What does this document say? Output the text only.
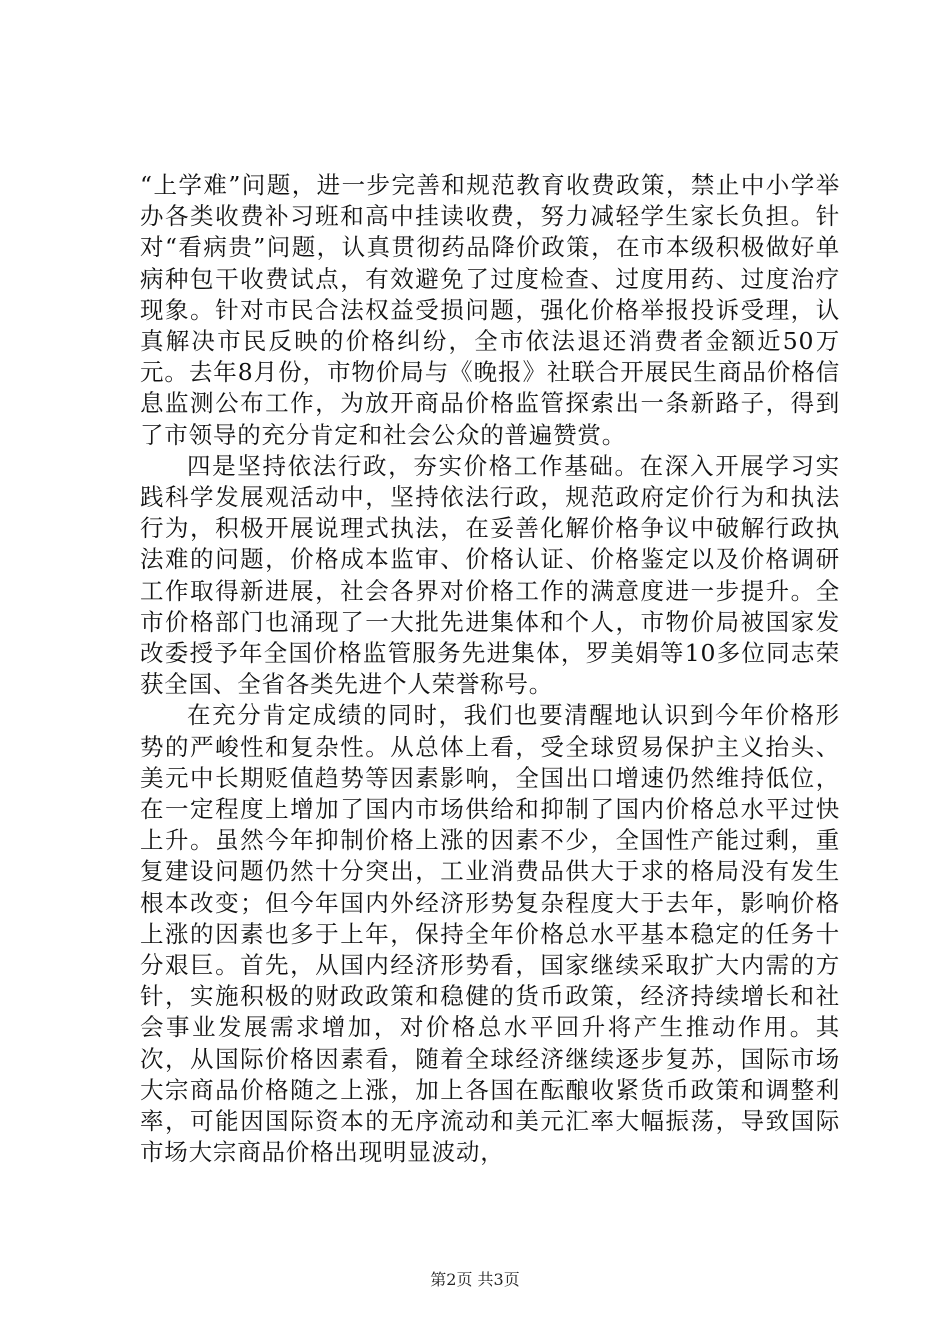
“上学难”问题，进一步完善和规范教育收费政策，禁止中小学举办各类收费补习班和高中挂读收费，努力减轻学生家长负担。针对“看病贵”问题，认真贯彻药品降价政策，在市本级积极做好单病种包干收费试点，有效避免了过度检查、过度用药、过度治疗现象。针对市民合法权益受损问题，强化价格举报投诉受理，认真解决市民反映的价格纠纷，全市依法退还消费者金额近50万元。去年8月份，市物价局与《晚报》社联合开展民生商品价格信息监测公布工作，为放开商品价格监管探索出一条新路子，得到了市领导的充分肯定和社会公众的普遍赞赏。

四是坚持依法行政，夯实价格工作基础。在深入开展学习实践科学发展观活动中，坚持依法行政，规范政府定价行为和执法行为，积极开展说理式执法，在妥善化解价格争议中破解行政执法难的问题，价格成本监审、价格认证、价格鉴定以及价格调研工作取得新进展，社会各界对价格工作的满意度进一步提升。全市价格部门也涌现了一大批先进集体和个人，市物价局被国家发改委授予年全国价格监管服务先进集体，罗美娟等10多位同志荣获全国、全省各类先进个人荣誉称号。

在充分肯定成绩的同时，我们也要清醒地认识到今年价格形势的严峻性和复杂性。从总体上看，受全球贸易保护主义抬头、美元中长期贬值趋势等因素影响，全国出口增速仍然维持低位，在一定程度上增加了国内市场供给和抑制了国内价格总水平过快上升。虽然今年抑制价格上涨的因素不少，全国性产能过剩，重复建设问题仍然十分突出，工业消费品供大于求的格局没有发生根本改变；但今年国内外经济形势复杂程度大于去年，影响价格上涨的因素也多于上年，保持全年价格总水平基本稳定的任务十分艰巨。首先，从国内经济形势看，国家继续采取扩大内需的方针，实施积极的财政政策和稳健的货币政策，经济持续增长和社会事业发展需求增加，对价格总水平回升将产生推动作用。其次，从国际价格因素看，随着全球经济继续逐步复苏，国际市场大宗商品价格随之上涨，加上各国在酝酿收紧货币政策和调整利率，可能因国际资本的无序流动和美元汇率大幅振荡，导致国际市场大宗商品价格出现明显波动，

第2页 共3页
